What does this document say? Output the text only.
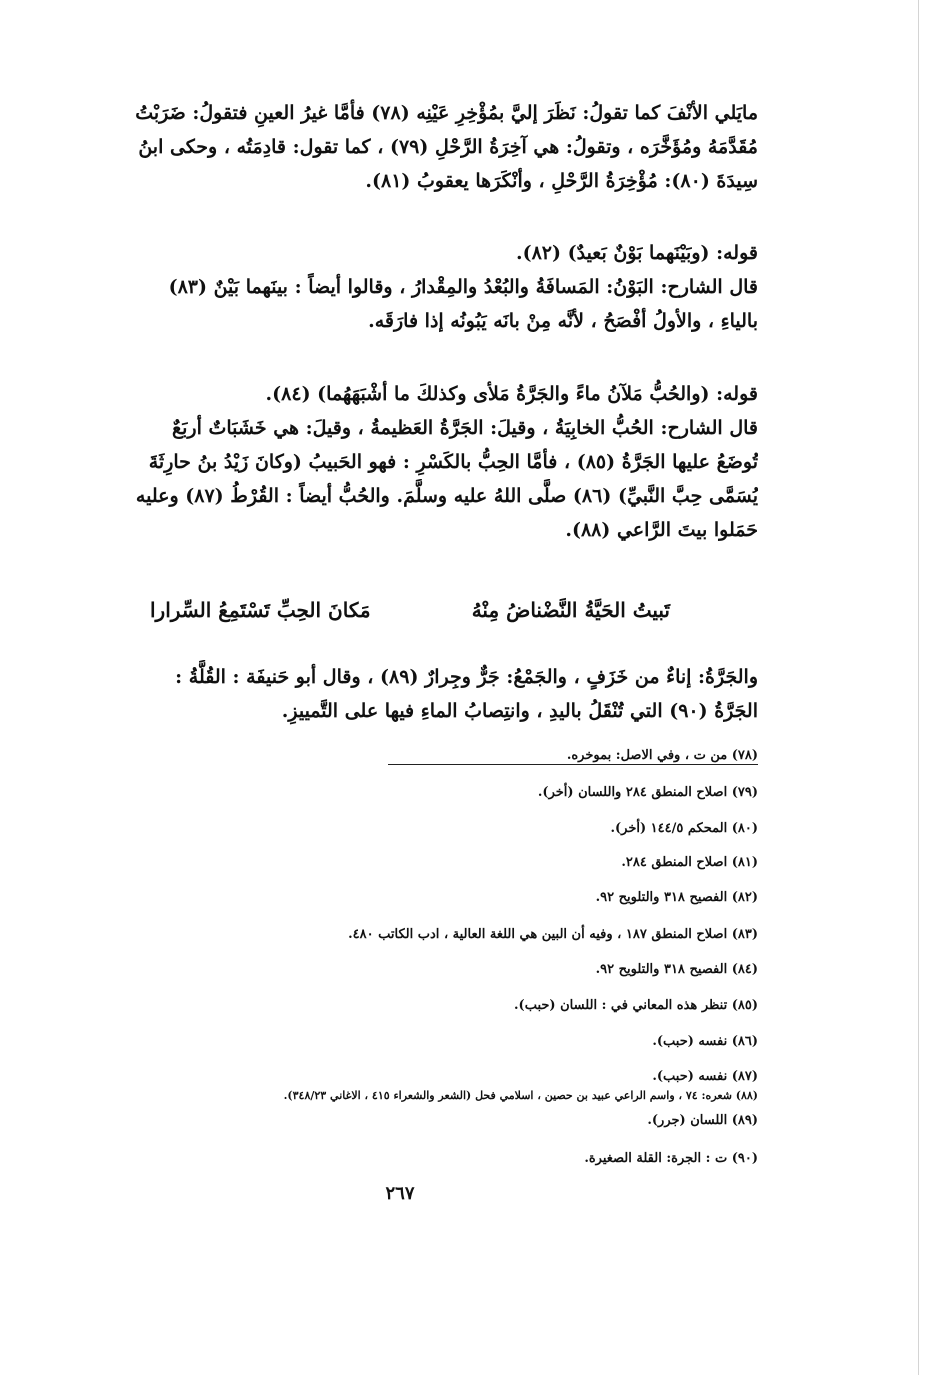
مايَلي الأنْفَ كما تقولُ: نَظَرَ إليَّ بمُؤْخِرِ عَيْنِه (٧٨) فأمَّا غيرُ العينِ فتقولُ: ضَرَبْتُ
مُقَدَّمَهُ ومُؤَخَّرَه ، وتقولُ: هي آخِرَةُ الرَّحْلِ (٧٩) ، كما تقول: قادِمَتُه ، وحكى ابنُ
سِيدَةَ (٨٠): مُؤْخِرَةُ الرَّحْلِ ، وأنْكَرَها يعقوبُ (٨١).
قوله: (وبَيْنَهما بَوْنٌ بَعيدٌ) (٨٢).
قال الشارح: البَوْنُ: المَسافَةُ والبُعْدُ والمِقْدارُ ، وقالوا أيضاً : بينَهما بَيْنٌ (٨٣)
بالياءِ ، والأولُ أفْصَحُ ، لأنَّه مِنْ بانَه يَبُونُه إذا فارَقَه.
قوله: (والحُبُّ مَلآنُ ماءً والجَرَّةُ مَلأى وكذلكَ ما أشْبَهَهُما) (٨٤).
قال الشارح: الحُبُّ الخابِيَةُ ، وقيلَ: الجَرَّةُ العَظيمةُ ، وقيلَ: هي خَشَبَاتٌ أربَعٌ
تُوضَعُ عليها الجَرَّةُ (٨٥) ، فأمَّا الحِبُّ بالكَسْرِ : فهو الحَبيبُ (وكانَ زَيْدُ بنُ حارِثَةَ
يُسَمَّى حِبَّ النَّبيِّ) (٨٦) صلَّى اللهُ عليه وسلَّمَ. والحُبُّ أيضاً : القُرْطُ (٨٧) وعليه
حَمَلوا بيتَ الرَّاعي (٨٨).
تَبيتُ الحَيَّةُ النَّضْناضُ مِنْهُ
مَكانَ الحِبِّ تَسْتَمِعُ السِّرارا
والجَرَّةُ: إناءٌ من خَزَفٍ ، والجَمْعُ: جَرٌّ وجِرارٌ (٨٩) ، وقال أبو حَنيفَة : القُلَّةُ :
الجَرَّةُ (٩٠) التي تُنْقَلُ باليدِ ، وانتِصابُ الماءِ فيها على التَّمييزِ.
(٧٨) من ت ، وفي الاصل: بموخره.
(٧٩) اصلاح المنطق ٢٨٤ واللسان (أخر).
(٨٠) المحكم ١٤٤/٥ (أخر).
(٨١) اصلاح المنطق ٢٨٤.
(٨٢) الفصيح ٣١٨ والتلويح ٩٢.
(٨٣) اصلاح المنطق ١٨٧ ، وفيه أن البين هي اللغة العالية ، ادب الكاتب ٤٨٠.
(٨٤) الفصيح ٣١٨ والتلويح ٩٢.
(٨٥) تنظر هذه المعاني في : اللسان (حبب).
(٨٦) نفسه (حبب).
(٨٧) نفسه (حبب).
(٨٨) شعره: ٧٤ ، واسم الراعي عبيد بن حصين ، اسلامي فحل (الشعر والشعراء ٤١٥ ، الاغاني ٣٤٨/٢٣).
(٨٩) اللسان (جرر).
(٩٠) ت : الجرة: القلة الصغيرة.
٢٦٧
